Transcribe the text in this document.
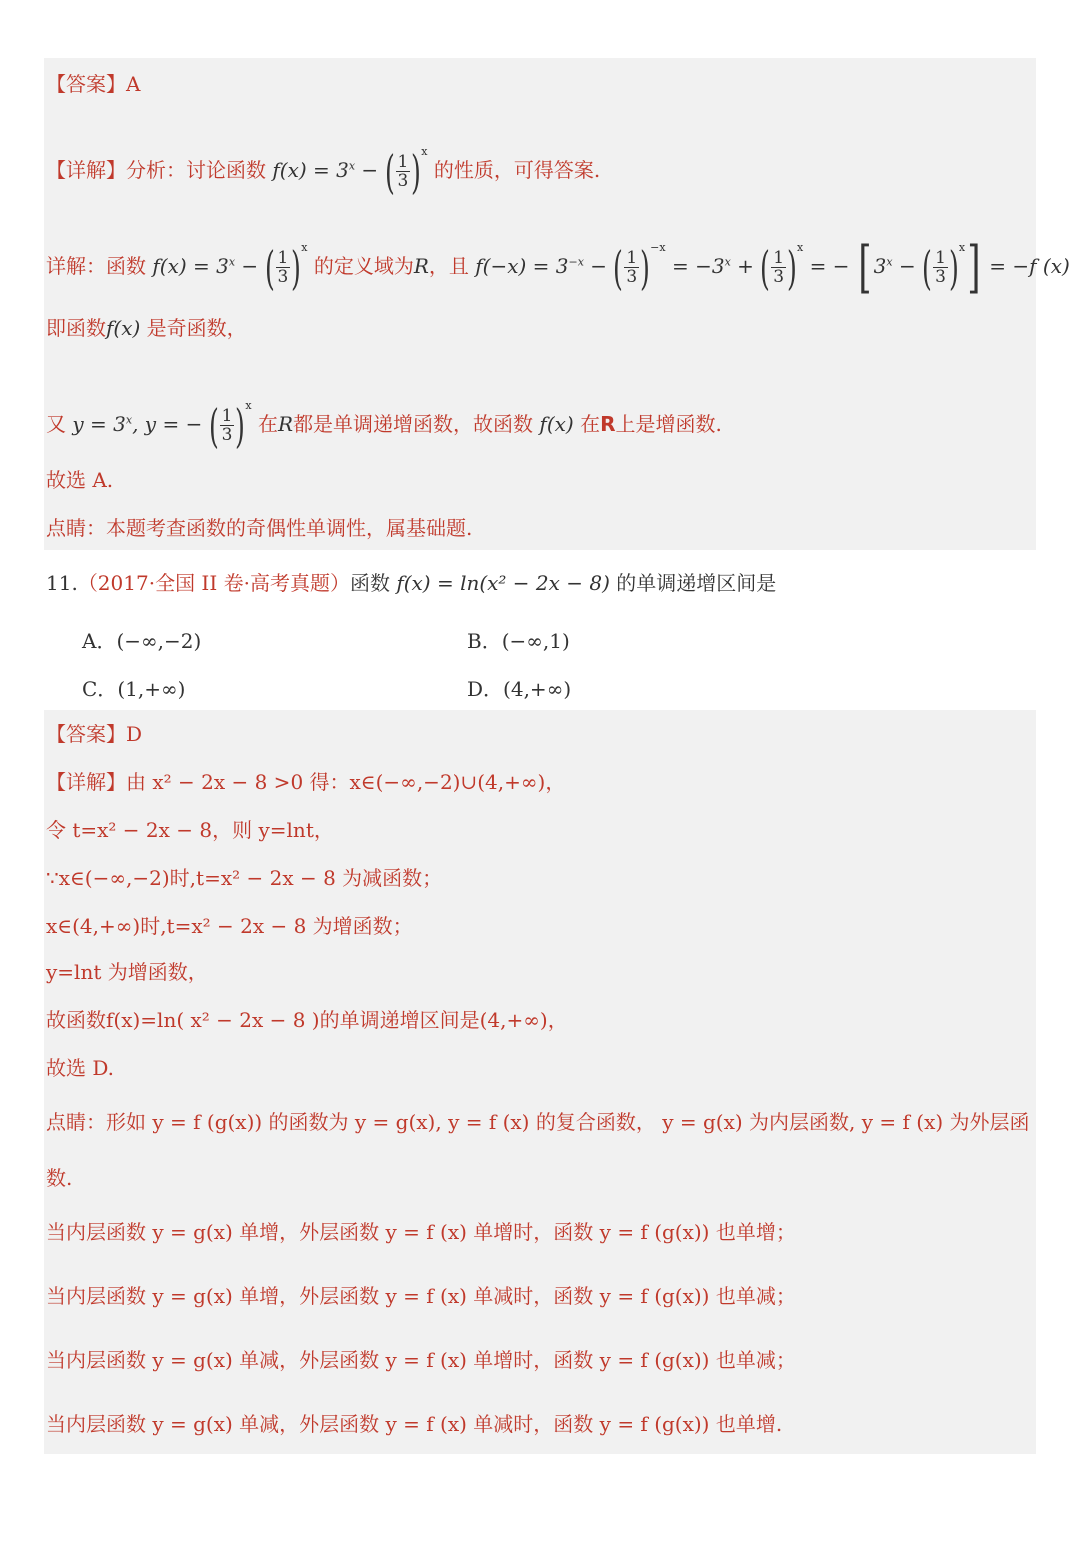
【答案】A
【详解】分析：讨论函数 $f(x) = 3^x$ − ( $\frac{1}{3} )^x$ 的性质，可得答案.
详解：函数 $f(x) = 3^x$ − ( $\frac{1}{3} )^x$ 的定义域为R，且 $f(-x) = 3^{-x}$ − ( $\frac{1}{3} )^{-x} = -3^x$ + ( $\frac{1}{3} )^x$ = − [ $3^x$ − ( $\frac{1}{3} )^x] = -f$ (x)
即函数f(x) 是奇函数，
又 $y = 3^x$, y = − ( $\frac{1}{3} )^x$ 在R都是单调递增函数，故函数 f(x) 在R上是增函数.
故选 A.
点睛：本题考查函数的奇偶性单调性，属基础题.
11.（2017·全国 II 卷·高考真题）函数 f(x) = ln(x² − 2x − 8) 的单调递增区间是
A．(−∞,−2)	B．(−∞,1)
C．(1,+∞)	D．(4,+∞)
【答案】D
【详解】由 x² − 2x − 8 >0 得：x∈(−∞,−2)∪(4,+∞)，
令 t=x² − 2x − 8，则 y=lnt，
∵x∈(−∞,−2)时,t=x² − 2x − 8 为减函数；
x∈(4,+∞)时,t=x² − 2x − 8 为增函数；
y=lnt 为增函数，
故函数f(x)=ln( x² − 2x − 8 )的单调递增区间是(4,+∞)，
故选 D.
点睛：形如 y = f (g(x)) 的函数为 y = g(x), y = f (x) 的复合函数， y = g(x) 为内层函数, y = f (x) 为外层函
数.
当内层函数 y = g(x) 单增，外层函数 y = f (x) 单增时，函数 y = f (g(x)) 也单增；
当内层函数 y = g(x) 单增，外层函数 y = f (x) 单减时，函数 y = f (g(x)) 也单减；
当内层函数 y = g(x) 单减，外层函数 y = f (x) 单增时，函数 y = f (g(x)) 也单减；
当内层函数 y = g(x) 单减，外层函数 y = f (x) 单减时，函数 y = f (g(x)) 也单增.
